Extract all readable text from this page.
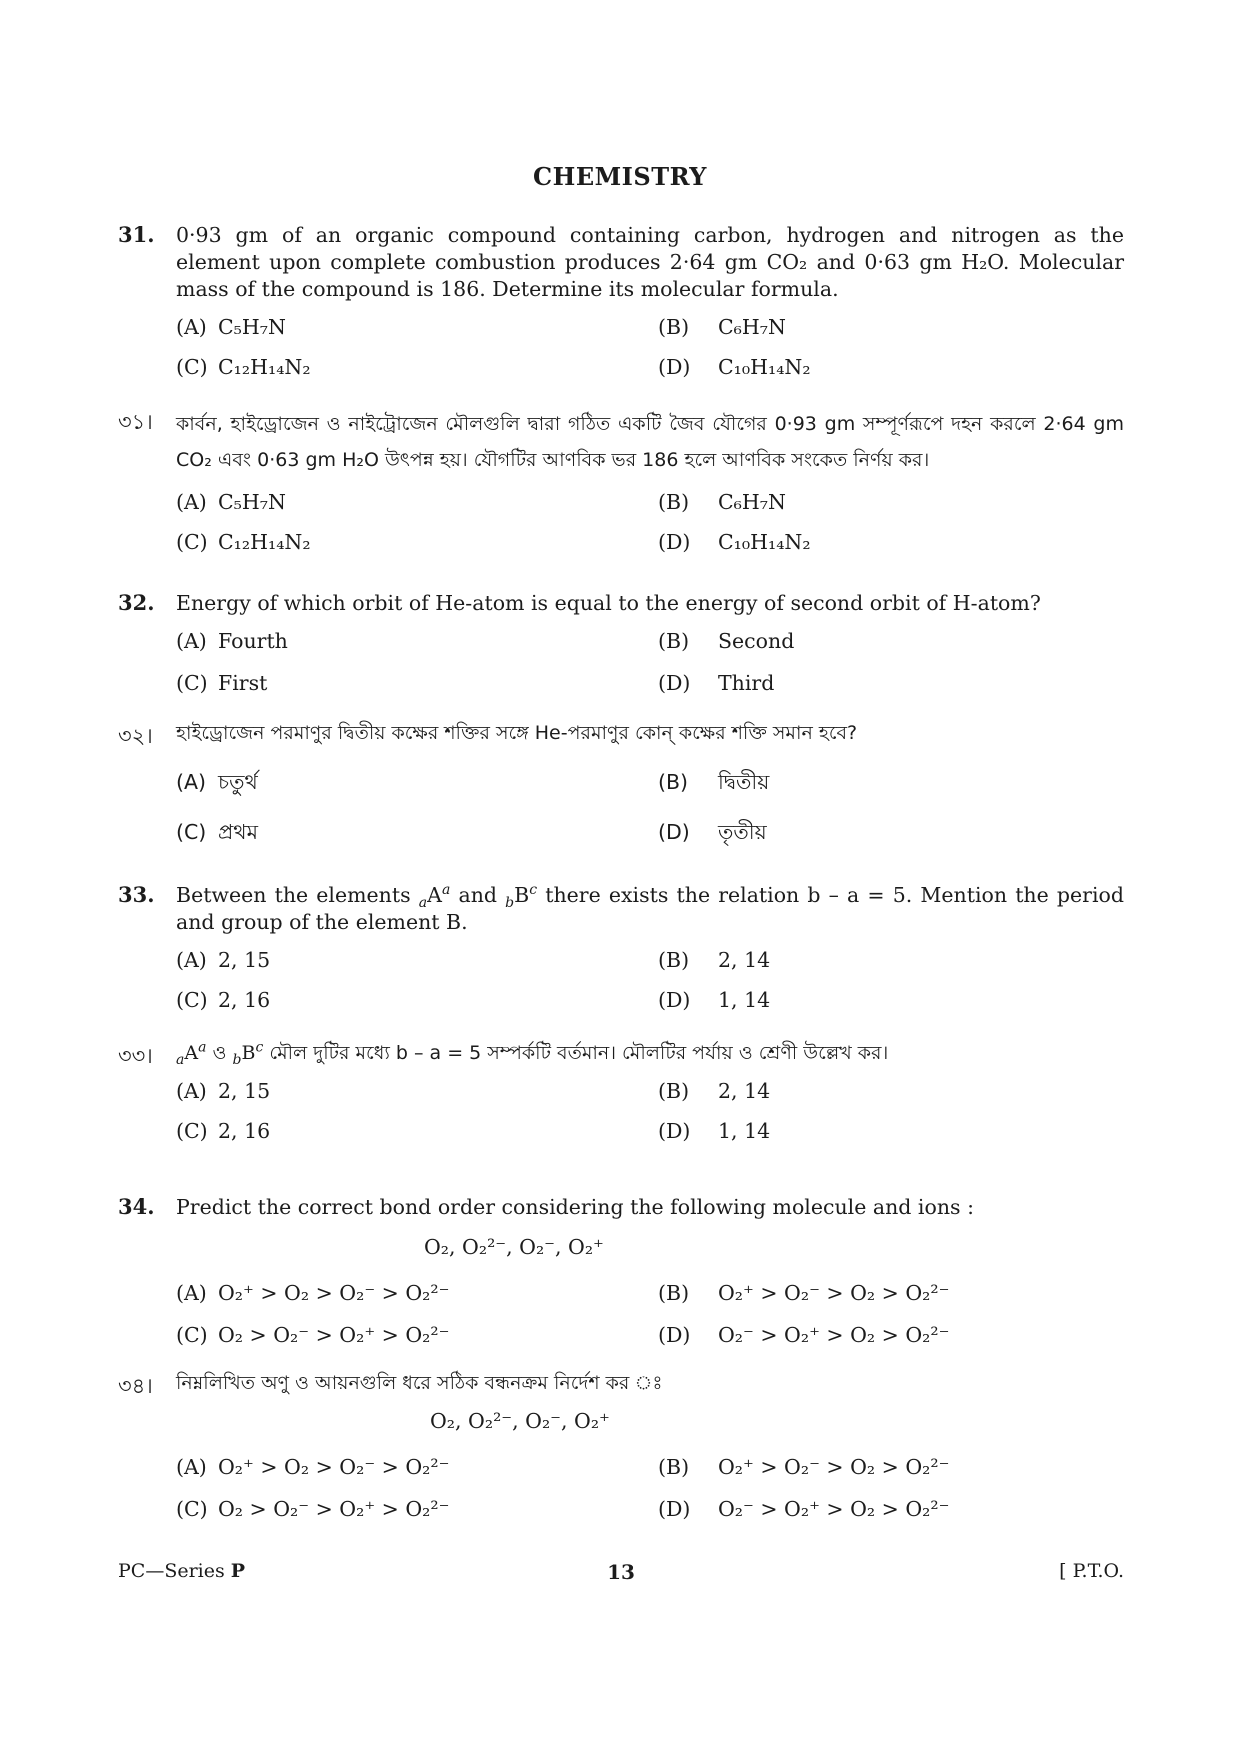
CHEMISTRY
31.	0·93 gm of an organic compound containing carbon, hydrogen and nitrogen as the element upon complete combustion produces 2·64 gm CO₂ and 0·63 gm H₂O. Molecular mass of the compound is 186. Determine its molecular formula.
(A) C₅H₇N	(B) C₆H₇N
(C) C₁₂H₁₄N₂	(D) C₁₀H₁₄N₂
৩১।	কার্বন, হাইড্রোজেন ও নাইট্রোজেন মৌলগুলি দ্বারা গঠিত একটি জৈব যৌগের 0·93 gm সম্পূর্ণরূপে দহন করলে 2·64 gm CO₂ এবং 0·63 gm H₂O উৎপন্ন হয়। যৌগটির আণবিক ভর 186 হলে আণবিক সংকেত নির্ণয় কর।
(A) C₅H₇N	(B) C₆H₇N
(C) C₁₂H₁₄N₂	(D) C₁₀H₁₄N₂
32.	Energy of which orbit of He-atom is equal to the energy of second orbit of H-atom?
(A) Fourth	(B) Second
(C) First	(D) Third
৩২।	হাইড্রোজেন পরমাণুর দ্বিতীয় কক্ষের শক্তির সঙ্গে He-পরমাণুর কোন্ কক্ষের শক্তি সমান হবে?
(A) চতুর্থ	(B) দ্বিতীয়
(C) প্রথম	(D) তৃতীয়
33.	Between the elements $_aA^a$ and $_bB^c$ there exists the relation b – a = 5. Mention the period and group of the element B.
(A) 2, 15	(B) 2, 14
(C) 2, 16	(D) 1, 14
৩৩।	$_aA^a$ ও $_bB^c$ মৌল দুটির মধ্যে b – a = 5 সম্পর্কটি বর্তমান। মৌলটির পর্যায় ও শ্রেণী উল্লেখ কর।
(A) 2, 15	(B) 2, 14
(C) 2, 16	(D) 1, 14
34.	Predict the correct bond order considering the following molecule and ions :
O₂, O₂²⁻, O₂⁻, O₂⁺
(A) O₂⁺ > O₂ > O₂⁻ > O₂²⁻	(B) O₂⁺ > O₂⁻ > O₂ > O₂²⁻
(C) O₂ > O₂⁻ > O₂⁺ > O₂²⁻	(D) O₂⁻ > O₂⁺ > O₂ > O₂²⁻
৩৪।	নিম্নলিখিত অণু ও আয়নগুলি ধরে সঠিক বন্ধনক্রম নির্দেশ কর ঃ
O₂, O₂²⁻, O₂⁻, O₂⁺
(A) O₂⁺ > O₂ > O₂⁻ > O₂²⁻	(B) O₂⁺ > O₂⁻ > O₂ > O₂²⁻
(C) O₂ > O₂⁻ > O₂⁺ > O₂²⁻	(D) O₂⁻ > O₂⁺ > O₂ > O₂²⁻
PC—Series P	13	[ P.T.O.
